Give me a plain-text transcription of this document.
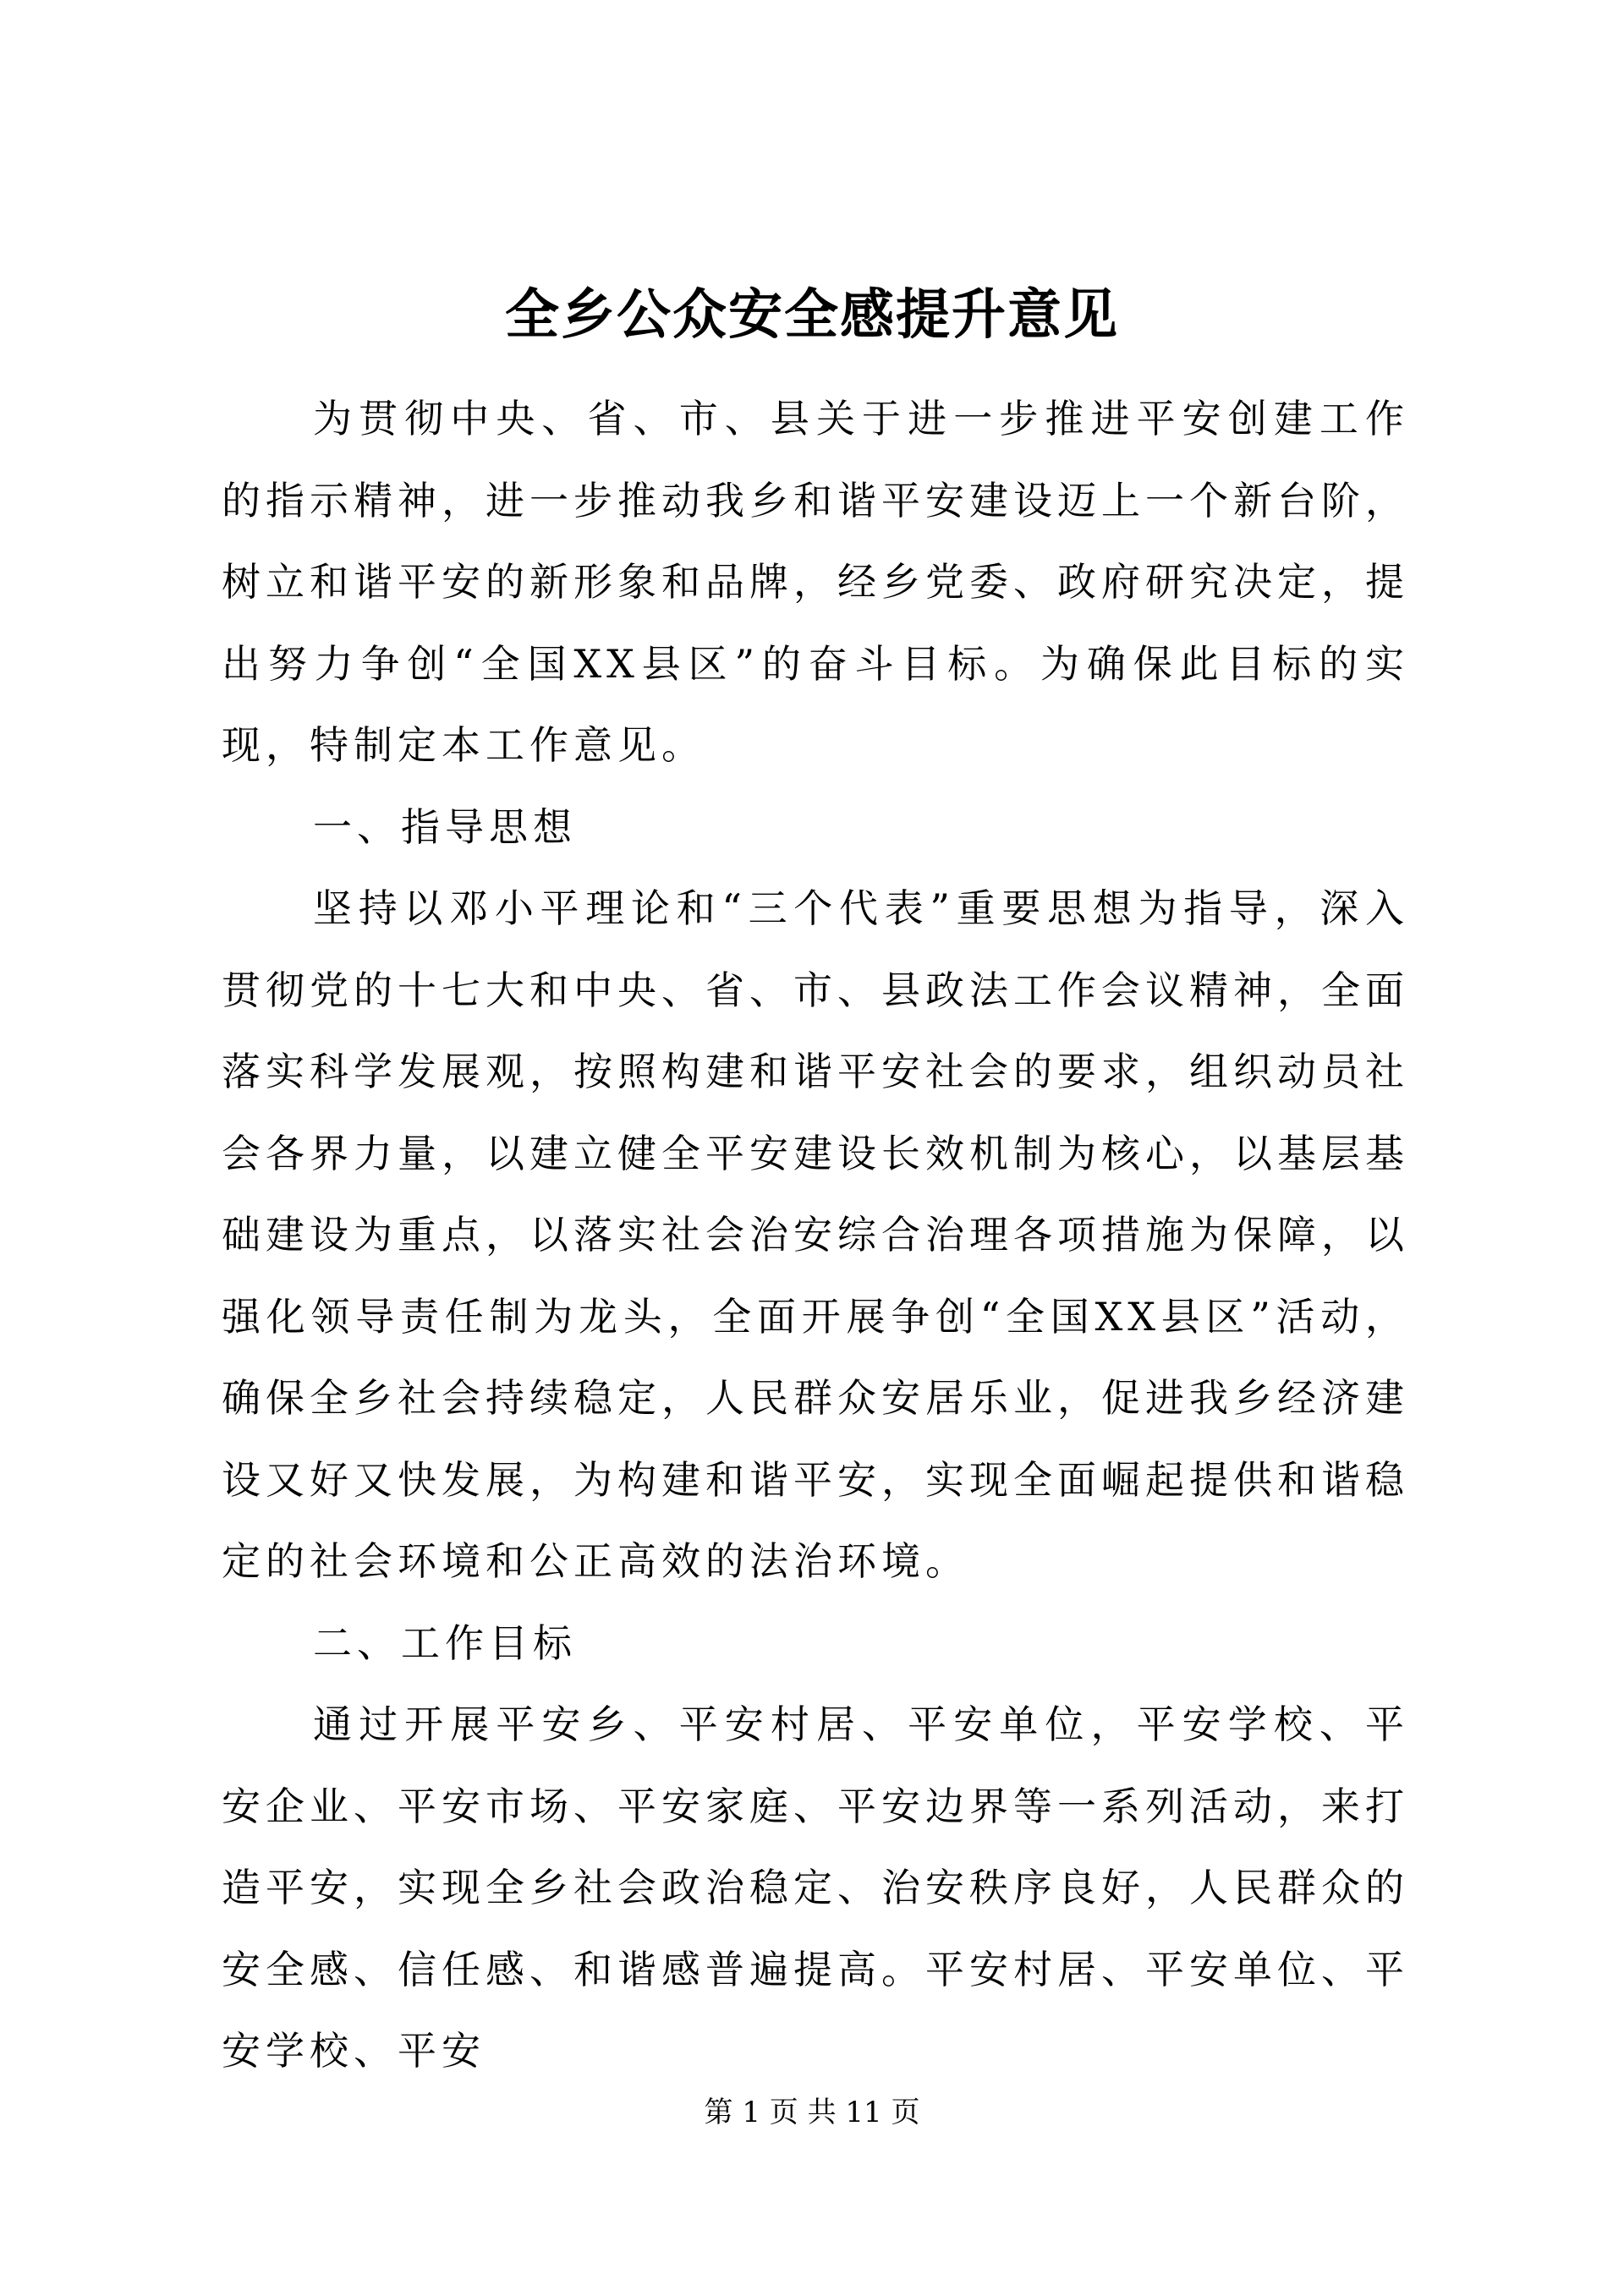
全乡公众安全感提升意见

为贯彻中央、省、市、县关于进一步推进平安创建工作的指示精神，进一步推动我乡和谐平安建设迈上一个新台阶，树立和谐平安的新形象和品牌，经乡党委、政府研究决定，提出努力争创“全国XX县区”的奋斗目标。为确保此目标的实现，特制定本工作意见。

一、指导思想

坚持以邓小平理论和“三个代表”重要思想为指导，深入贯彻党的十七大和中央、省、市、县政法工作会议精神，全面落实科学发展观，按照构建和谐平安社会的要求，组织动员社会各界力量，以建立健全平安建设长效机制为核心，以基层基础建设为重点，以落实社会治安综合治理各项措施为保障，以强化领导责任制为龙头，全面开展争创“全国XX县区”活动，确保全乡社会持续稳定，人民群众安居乐业，促进我乡经济建设又好又快发展，为构建和谐平安，实现全面崛起提供和谐稳定的社会环境和公正高效的法治环境。

二、工作目标

通过开展平安乡、平安村居、平安单位，平安学校、平安企业、平安市场、平安家庭、平安边界等一系列活动，来打造平安，实现全乡社会政治稳定、治安秩序良好，人民群众的安全感、信任感、和谐感普遍提高。平安村居、平安单位、平安学校、平安

第 1 页 共 11 页
